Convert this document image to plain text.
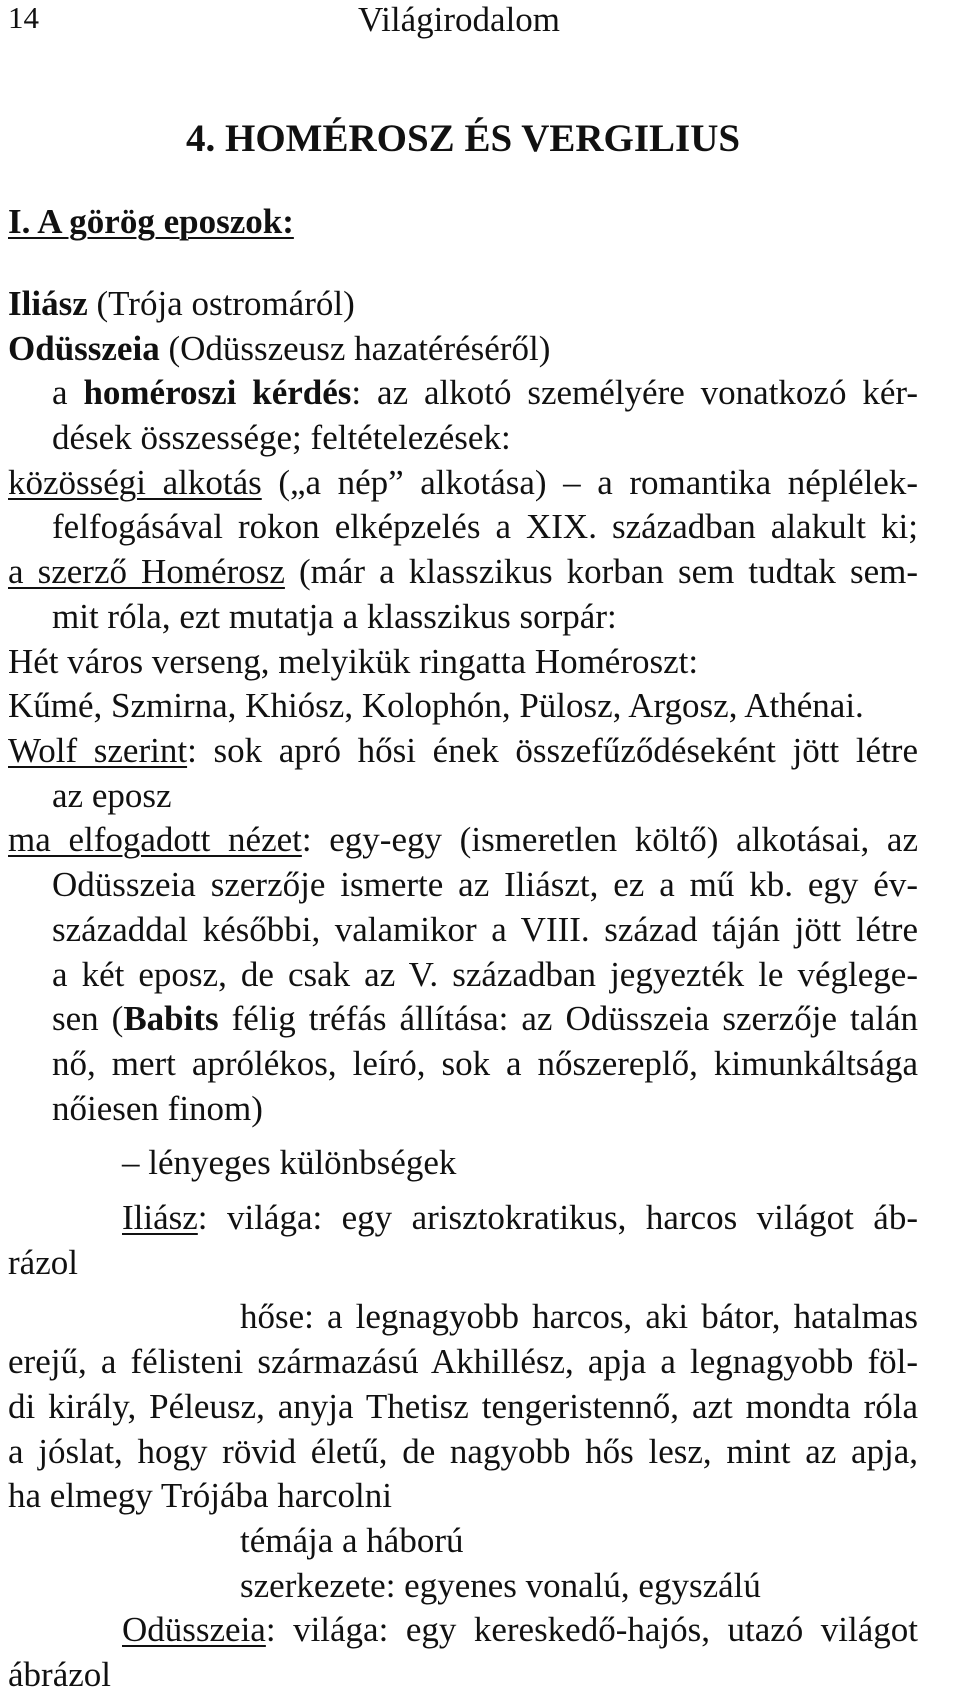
14	Világirodalom
4. HOMÉROSZ ÉS VERGILIUS
I. A görög eposzok:
Iliász (Trója ostromáról)
Odüsszeia (Odüsszeusz hazatéréséről)
a homéroszi kérdés: az alkotó személyére vonatkozó kér-
dések összessége; feltételezések:
közösségi alkotás („a nép” alkotása) – a romantika néplélek-
felfogásával rokon elképzelés a XIX. században alakult ki;
a szerző Homérosz (már a klasszikus korban sem tudtak sem-
mit róla, ezt mutatja a klasszikus sorpár:
Hét város verseng, melyikük ringatta Homéroszt:
Kűmé, Szmirna, Khiósz, Kolophón, Pülosz, Argosz, Athénai.
Wolf szerint: sok apró hősi ének összefűződéseként jött létre
az eposz
ma elfogadott nézet: egy-egy (ismeretlen költő) alkotásai, az
Odüsszeia szerzője ismerte az Iliászt, ez a mű kb. egy év-
századdal későbbi, valamikor a VIII. század táján jött létre
a két eposz, de csak az V. században jegyezték le véglege-
sen (Babits félig tréfás állítása: az Odüsszeia szerzője talán
nő, mert aprólékos, leíró, sok a nőszereplő, kimunkáltsága
nőiesen finom)
– lényeges különbségek
Iliász: világa: egy arisztokratikus, harcos világot áb-
rázol
hőse: a legnagyobb harcos, aki bátor, hatalmas
erejű, a félisteni származású Akhillész, apja a legnagyobb föl-
di király, Péleusz, anyja Thetisz tengeristennő, azt mondta róla
a jóslat, hogy rövid életű, de nagyobb hős lesz, mint az apja,
ha elmegy Trójába harcolni
témája a háború
szerkezete: egyenes vonalú, egyszálú
Odüsszeia: világa: egy kereskedő-hajós, utazó világot
ábrázol
